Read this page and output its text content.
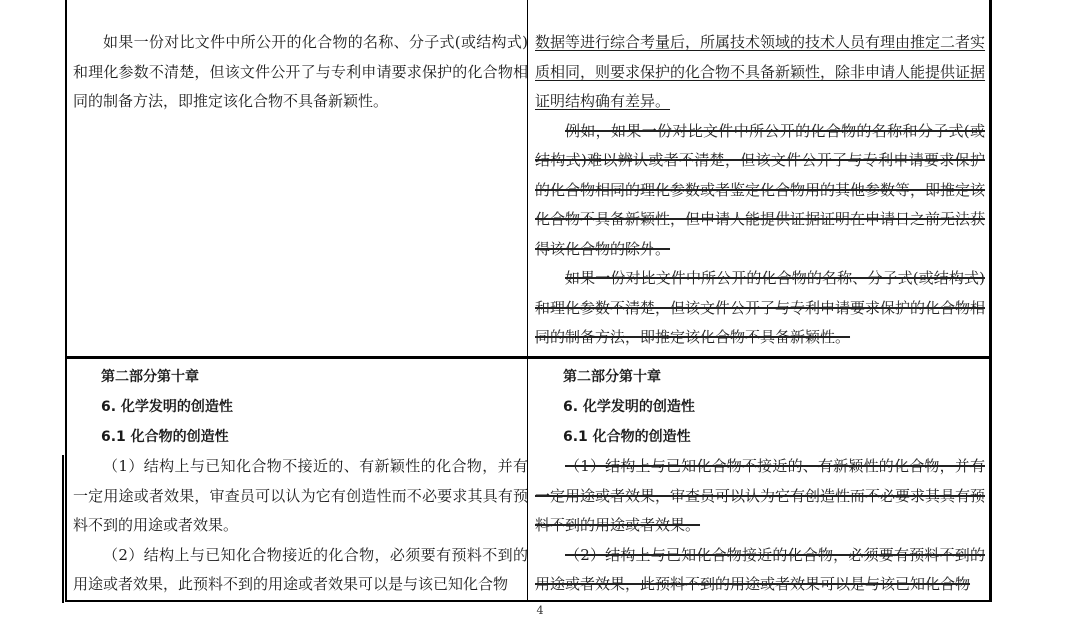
如果一份对比文件中所公开的化合物的名称、分子式(或结构式)和理化参数不清楚，但该文件公开了与专利申请要求保护的化合物相同的制备方法，即推定该化合物不具备新颖性。

数据等进行综合考量后，所属技术领域的技术人员有理由推定二者实质相同，则要求保护的化合物不具备新颖性，除非申请人能提供证据证明结构确有差异。

例如，如果一份对比文件中所公开的化合物的名称和分子式(或结构式)难以辨认或者不清楚，但该文件公开了与专利申请要求保护的化合物相同的理化参数或者鉴定化合物用的其他参数等，即推定该化合物不具备新颖性，但申请人能提供证据证明在申请日之前无法获得该化合物的除外。

如果一份对比文件中所公开的化合物的名称、分子式(或结构式)和理化参数不清楚，但该文件公开了与专利申请要求保护的化合物相同的制备方法，即推定该化合物不具备新颖性。

第二部分第十章
6. 化学发明的创造性
6.1 化合物的创造性

（1）结构上与已知化合物不接近的、有新颖性的化合物，并有一定用途或者效果，审查员可以认为它有创造性而不必要求其具有预料不到的用途或者效果。

（2）结构上与已知化合物接近的化合物，必须要有预料不到的用途或者效果，此预料不到的用途或者效果可以是与该已知化合物

第二部分第十章
6. 化学发明的创造性
6.1 化合物的创造性

（1）结构上与已知化合物不接近的、有新颖性的化合物，并有一定用途或者效果，审查员可以认为它有创造性而不必要求其具有预料不到的用途或者效果。

（2）结构上与已知化合物接近的化合物，必须要有预料不到的用途或者效果，此预料不到的用途或者效果可以是与该已知化合物

4
